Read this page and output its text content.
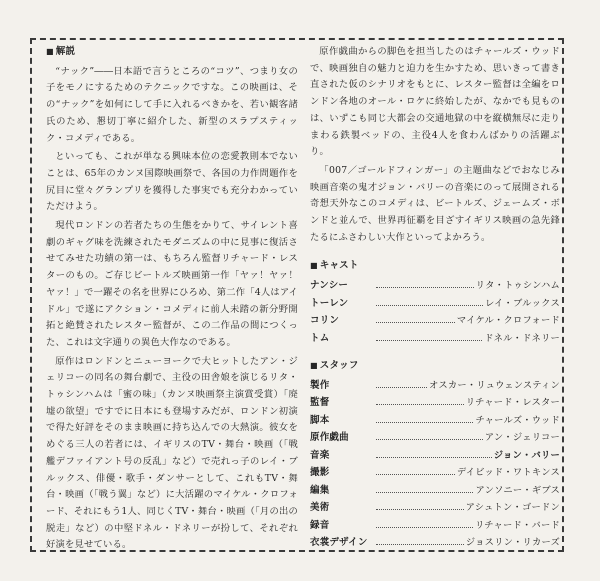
■ 解説

“ナック”――日本語で言うところの“コツ”、つまり女の子をモノにするためのテクニックですな。この映画は、その“ナック”を如何にして手に入れるべきかを、若い観客諸氏のため、懇切丁寧に紹介した、新型のスラプスティック・コメディである。

といっても、これが単なる興味本位の恋愛教則本でないことは、65年のカンヌ国際映画祭で、各国の力作問題作を尻目に堂々グランプリを獲得した事実でも充分わかっていただけよう。

現代ロンドンの若者たちの生態をかりて、サイレント喜劇のギャグ味を洗練されたモダニズムの中に見事に復活させてみせた功績の第一は、もちろん監督リチャード・レスターのもの。ご存じビートルズ映画第一作「ヤァ！ヤァ！ヤァ！」で一躍その名を世界にひろめ、第二作「4人はアイドル」で遂にアクション・コメディに前人未踏の新分野開拓と絶賛されたレスター監督が、この二作品の間につくった、これは文字通りの異色大作なのである。

原作はロンドンとニューヨークで大ヒットしたアン・ジェリコーの同名の舞台劇で、主役の田舎娘を演じるリタ・トゥシンハムは「蜜の味」（カンヌ映画祭主演賞受賞）「廃墟の欲望」ですでに日本にも登場すみだが、ロンドン初演で得た好評をそのまま映画に持ち込んでの大熱演。彼女をめぐる三人の若者には、イギリスのTV・舞台・映画（「戦艦デファイアント号の反乱」など）で売れっ子のレイ・ブルックス、俳優・歌手・ダンサーとして、これもTV・舞台・映画（「戦う翼」など）に大活躍のマイケル・クロフォード、それにもう1人、同じくTV・舞台・映画（「月の出の脱走」など）の中堅ドネル・ドネリーが扮して、それぞれ好演を見せている。

原作戯曲からの脚色を担当したのはチャールズ・ウッドで、映画独自の魅力と迫力を生かすため、思いきって書き直された仮のシナリオをもとに、レスター監督は全編をロンドン各地のオール・ロケに終始したが、なかでも見ものは、いずこも同じ大都会の交通地獄の中を縦横無尽に走りまわる鉄製ベッドの、主役4人を食わんばかりの活躍ぶり。

「007／ゴールドフィンガー」の主題曲などでおなじみ映画音楽の鬼才ジョン・バリーの音楽にのって展開される奇想天外なこのコメディは、ビートルズ、ジェームズ・ボンドと並んで、世界再征覇を目ざすイギリス映画の急先鋒たるにふさわしい大作といってよかろう。

■ キャスト
ナンシー	リタ・トゥシンハム
トーレン	レイ・ブルックス
コリン	マイケル・クロフォード
トム	ドネル・ドネリー
■ スタッフ
製作	オスカー・リュウェンスティン
監督	リチャード・レスター
脚本	チャールズ・ウッド
原作戯曲	アン・ジェリコー
音楽	ジョン・バリー
撮影	デイビッド・ワトキンス
編集	アンソニー・ギブス
美術	アシュトン・ゴードン
録音	リチャード・バード
衣裳デザイン	ジョスリン・リカーズ
